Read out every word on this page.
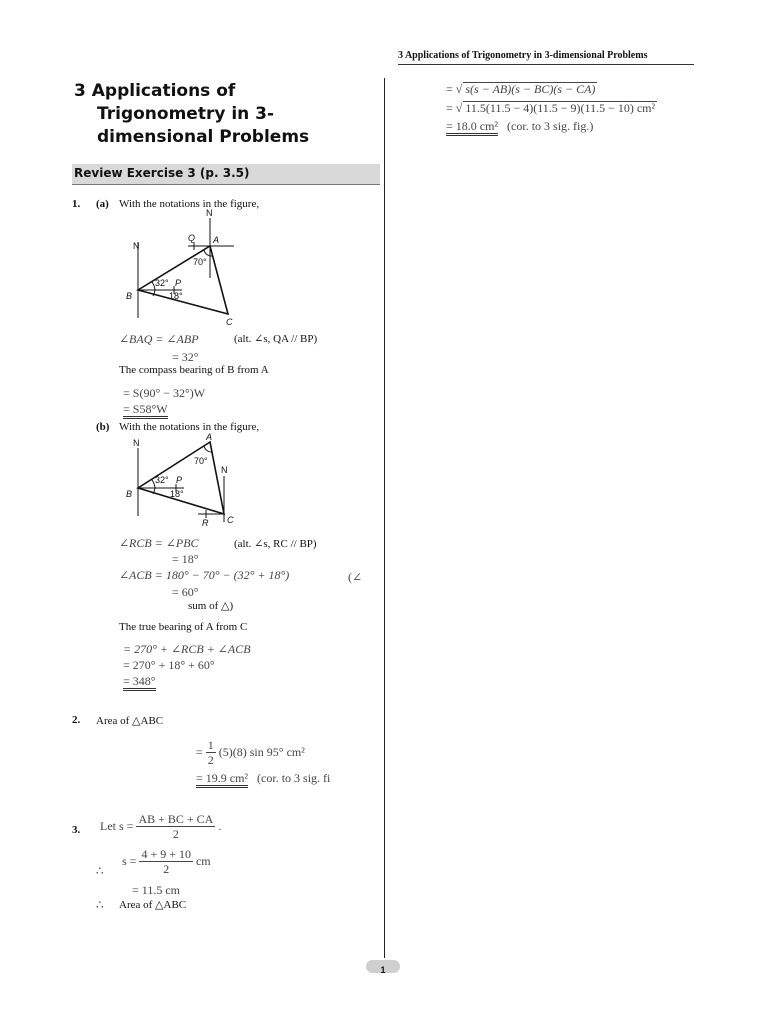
3 Applications of Trigonometry in 3-dimensional Problems
3 Applications of
Trigonometry in 3-
dimensional Problems
Review Exercise 3 (p. 3.5)
1. (a) With the notations in the figure,
N
N
Q A
70°
32° P
18°
B
C
∠BAQ = ∠ABP	(alt. ∠s, QA // BP)
= 32°
The compass bearing of B from A
= S(90° − 32°)W
= S58°W
(b) With the notations in the figure,
N
N
A
70°
32° P
18°
B
R C
∠RCB = ∠PBC	(alt. ∠s, RC // BP)
= 18°
∠ACB = 180° − 70° − (32° + 18°)	(∠
= 60°
sum of △)
The true bearing of A from C
= 270° + ∠RCB + ∠ACB
= 270° + 18° + 60°
= 348°
2. Area of △ABC
= $\frac{1}{2} (5)(8)$ sin 95° cm²
= 19.9 cm² (cor. to 3 sig. fi
3. Let $s = \frac{AB + BC + CA}{2}$ .
∴
$s = \frac{4 + 9 + 10}{2}$ cm
= 11.5 cm
∴ Area of △ABC
= √ s(s − AB)(s − BC)(s − CA)
= √ 11.5(11.5 − 4)(11.5 − 9)(11.5 − 10) cm²
= 18.0 cm² (cor. to 3 sig. fig.)
1
